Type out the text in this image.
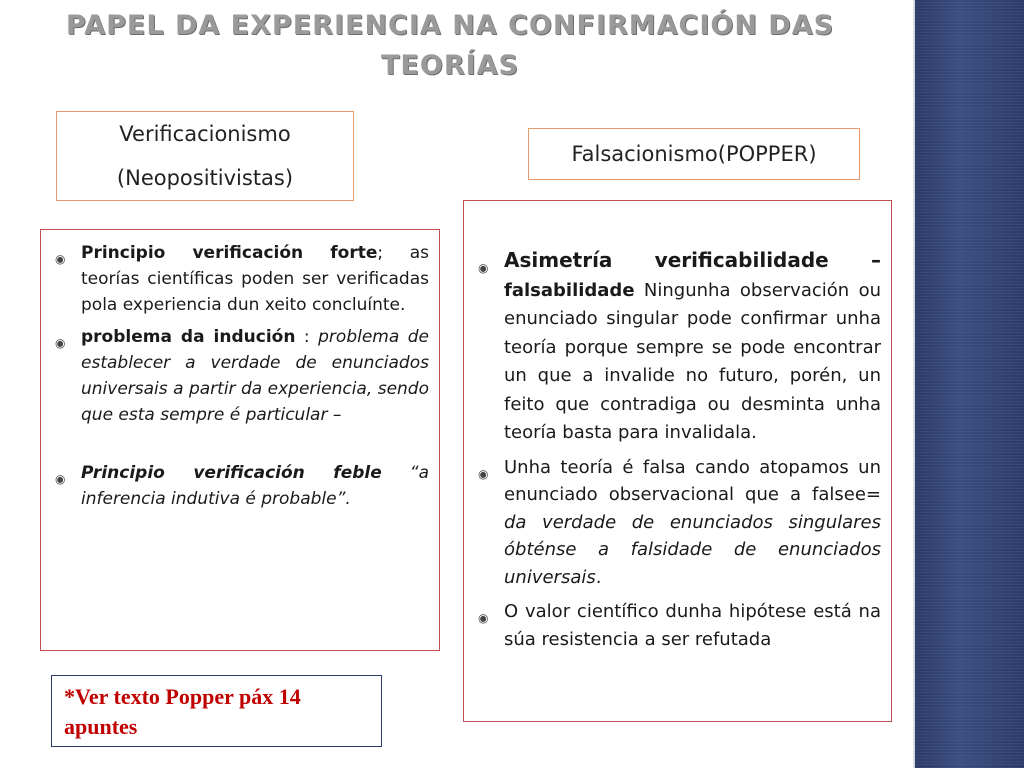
PAPEL DA EXPERIENCIA NA CONFIRMACIÓN DAS TEORÍAS
Verificacionismo
(Neopositivistas)
Falsacionismo(POPPER)
◉ Principio verificación forte; as teorías científicas poden ser verificadas pola experiencia dun xeito concluínte.
◉ problema da indución : problema de establecer a verdade de enunciados universais a partir da experiencia, sendo que esta sempre é particular –
◉ Principio verificación feble “a inferencia indutiva é probable”.
◉ Asimetría verificabilidade – falsabilidade Ningunha observación ou enunciado singular pode confirmar unha teoría porque sempre se pode encontrar un que a invalide no futuro, porén, un feito que contradiga ou desminta unha teoría basta para invalidala.
◉ Unha teoría é falsa cando atopamos un enunciado observacional que a falsee= da verdade de enunciados singulares óbténse a falsidade de enunciados universais.
◉ O valor científico dunha hipótese está na súa resistencia a ser refutada
*Ver texto Popper páx 14 apuntes
